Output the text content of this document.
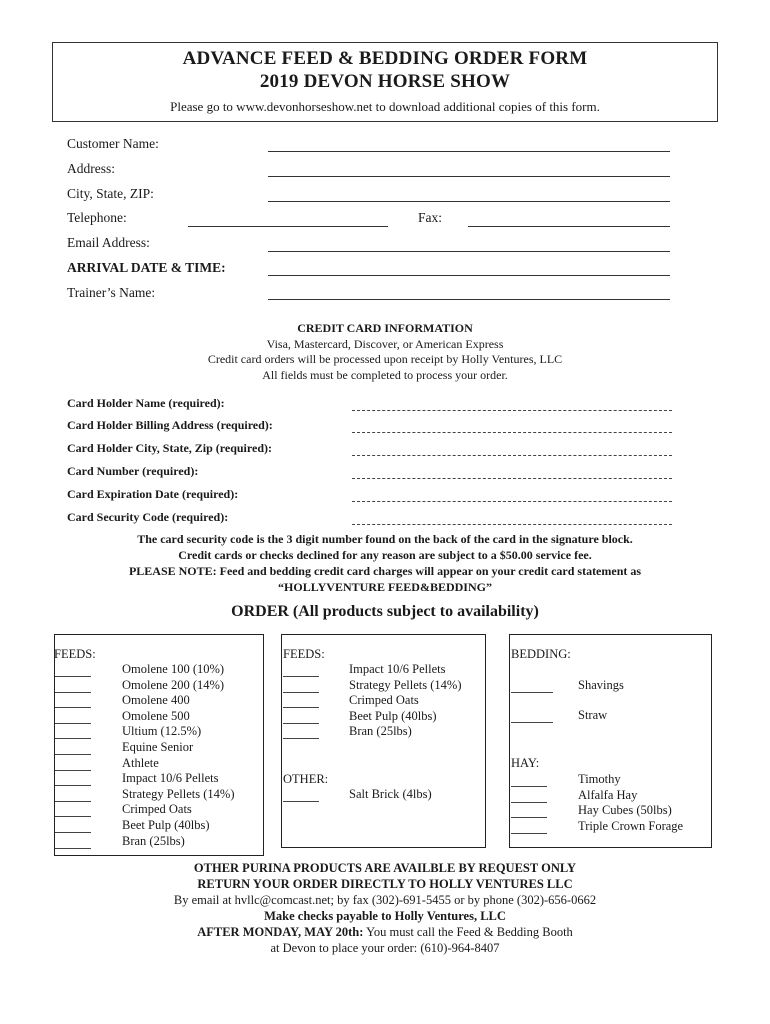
ADVANCE FEED & BEDDING ORDER FORM
2019 DEVON HORSE SHOW
Please go to www.devonhorseshow.net to download additional copies of this form.
Customer Name:
Address:
City, State, ZIP:
Telephone:	Fax:
Email Address:
ARRIVAL DATE & TIME:
Trainer’s Name:
CREDIT CARD INFORMATION
Visa, Mastercard, Discover, or American Express
Credit card orders will be processed upon receipt by Holly Ventures, LLC
All fields must be completed to process your order.
Card Holder Name (required):
Card Holder Billing Address (required):
Card Holder City, State, Zip (required):
Card Number (required):
Card Expiration Date (required):
Card Security Code (required):
The card security code is the 3 digit number found on the back of the card in the signature block.
Credit cards or checks declined for any reason are subject to a $50.00 service fee.
PLEASE NOTE: Feed and bedding credit card charges will appear on your credit card statement as
“HOLLYVENTURE FEED&BEDDING”
ORDER (All products subject to availability)
FEEDS:
Omolene 100 (10%)
Omolene 200 (14%)
Omolene 400
Omolene 500
Ultium (12.5%)
Equine Senior
Athlete
Impact 10/6 Pellets
Strategy Pellets (14%)
Crimped Oats
Beet Pulp (40lbs)
Bran (25lbs)
FEEDS:
Impact 10/6 Pellets
Strategy Pellets (14%)
Crimped Oats
Beet Pulp (40lbs)
Bran (25lbs)
OTHER:
Salt Brick (4lbs)
BEDDING:
Shavings
Straw
HAY:
Timothy
Alfalfa Hay
Hay Cubes (50lbs)
Triple Crown Forage
OTHER PURINA PRODUCTS ARE AVAILBLE BY REQUEST ONLY
RETURN YOUR ORDER DIRECTLY TO HOLLY VENTURES LLC
By email at hvllc@comcast.net; by fax (302)-691-5455 or by phone (302)-656-0662
Make checks payable to Holly Ventures, LLC
AFTER MONDAY, MAY 20th: You must call the Feed & Bedding Booth
at Devon to place your order: (610)-964-8407
